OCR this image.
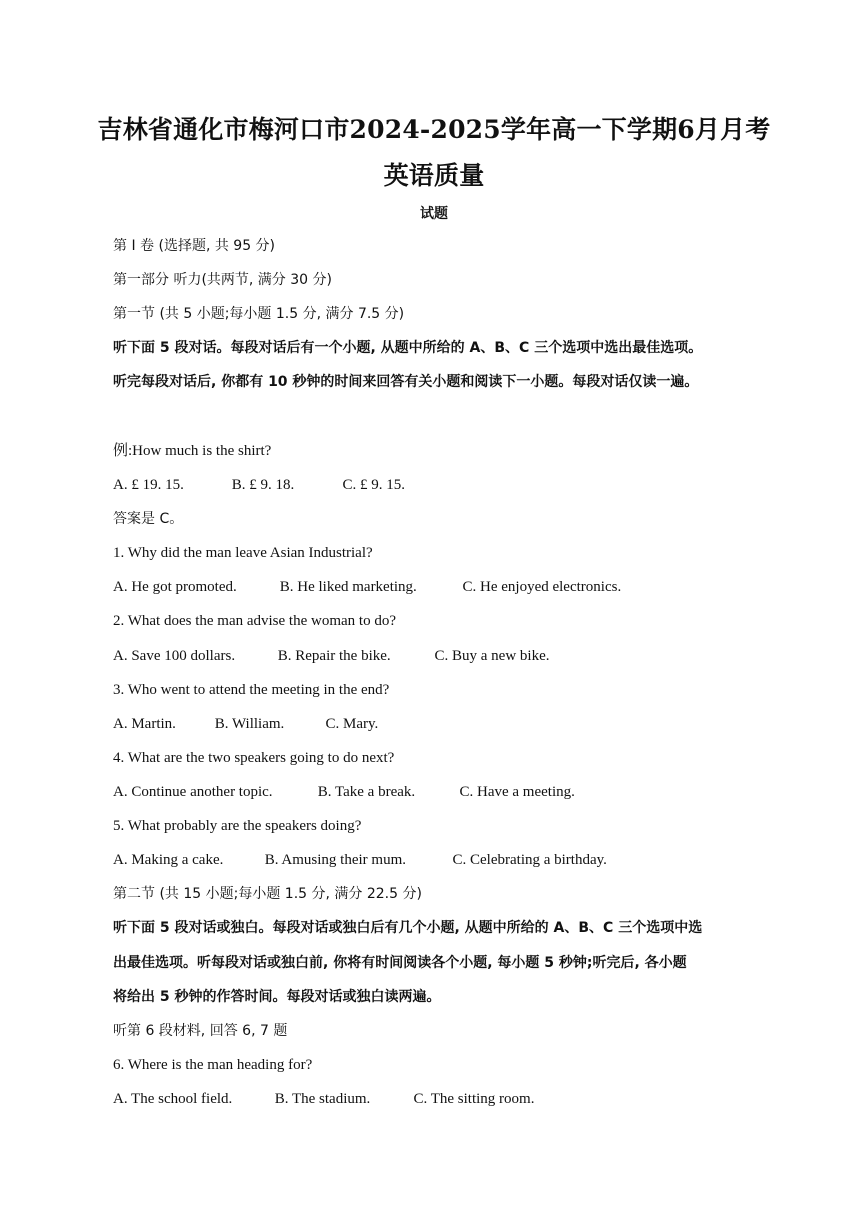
吉林省通化市梅河口市2024-2025学年高一下学期6月月考
英语质量
试题
第 I 卷 (选择题, 共 95 分)
第一部分 听力(共两节, 满分 30 分)
第一节 (共 5 小题;每小题 1.5 分, 满分 7.5 分)
听下面 5 段对话。每段对话后有一个小题, 从题中所给的 A、B、C 三个选项中选出最佳选项。
听完每段对话后, 你都有 10 秒钟的时间来回答有关小题和阅读下一小题。每段对话仅读一遍。
例:How much is the shirt?
A. £ 19. 15.	B. £ 9. 18.	C. £ 9. 15.
答案是 C。
1. Why did the man leave Asian Industrial?
A. He got promoted.	B. He liked marketing.	C. He enjoyed electronics.
2. What does the man advise the woman to do?
A. Save 100 dollars.	B. Repair the bike.	C. Buy a new bike.
3. Who went to attend the meeting in the end?
A. Martin.	B. William.	C. Mary.
4. What are the two speakers going to do next?
A. Continue another topic.	B. Take a break.	C. Have a meeting.
5. What probably are the speakers doing?
A. Making a cake.	B. Amusing their mum.	C. Celebrating a birthday.
第二节 (共 15 小题;每小题 1.5 分, 满分 22.5 分)
听下面 5 段对话或独白。每段对话或独白后有几个小题, 从题中所给的 A、B、C 三个选项中选
出最佳选项。听每段对话或独白前, 你将有时间阅读各个小题, 每小题 5 秒钟;听完后, 各小题
将给出 5 秒钟的作答时间。每段对话或独白读两遍。
听第 6 段材料, 回答 6, 7 题
6. Where is the man heading for?
A. The school field.	B. The stadium.	C. The sitting room.
